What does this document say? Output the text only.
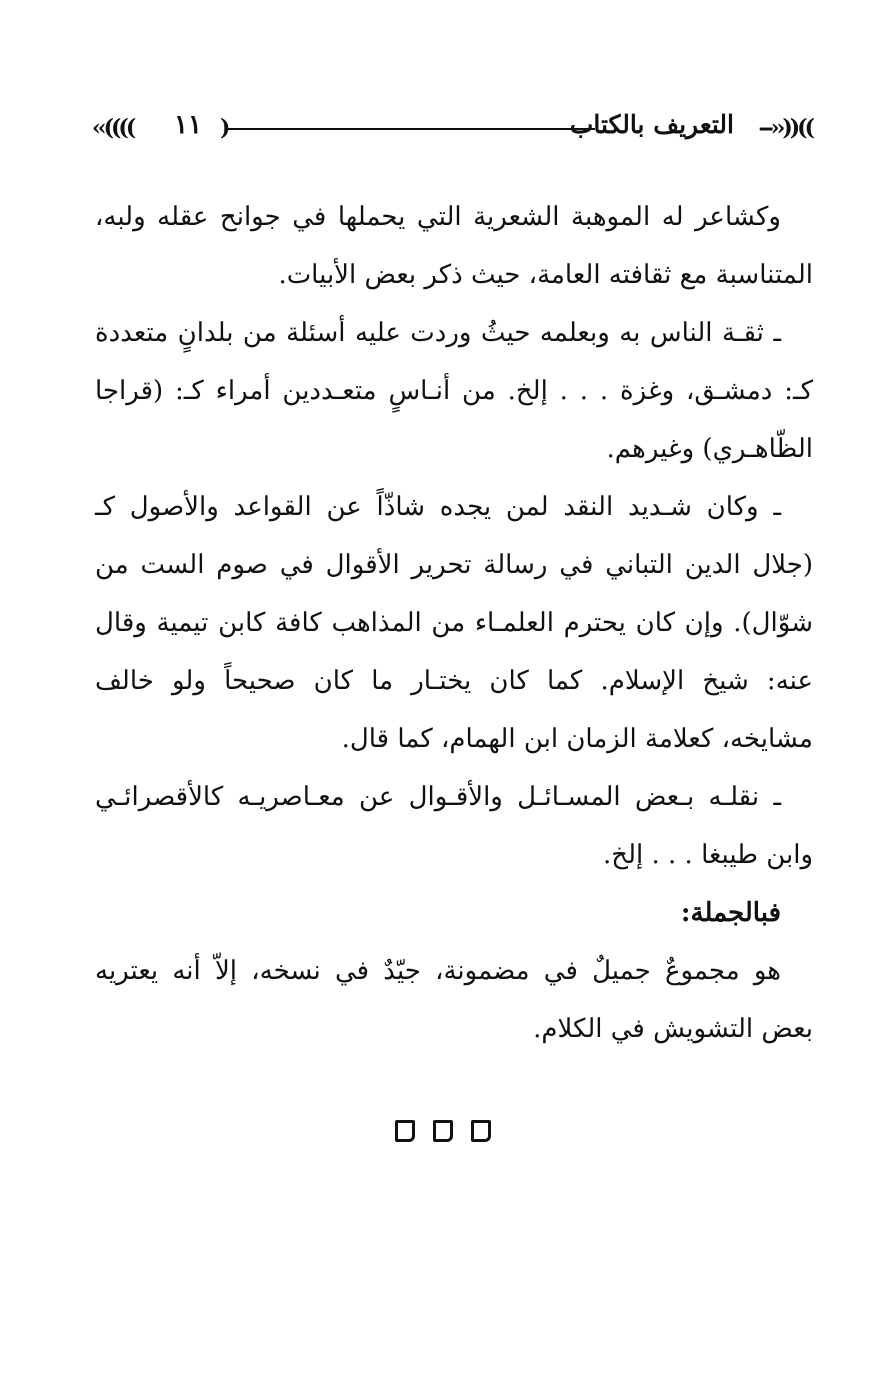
--››))((
التعريف بالكتاب
)
١١
‹‹((((

وكشاعر له الموهبة الشعرية التي يحملها في جوانح عقله ولبه، المتناسبة مع ثقافته العامة، حيث ذكر بعض الأبيات.

ـ ثقـة الناس به وبعلمه حيثُ وردت عليه أسئلة من بلدانٍ متعددة كـ: دمشـق، وغزة . . . إلخ. من أنـاسٍ متعـددين أمراء كـ: (قراجا الظّاهـري) وغيرهم.

ـ وكان شـديد النقد لمن يجده شاذّاً عن القواعد والأصول كـ (جلال الدين التباني في رسالة تحرير الأقوال في صوم الست من شوّال). وإن كان يحترم العلمـاء من المذاهب كافة كابن تيمية وقال عنه: شيخ الإسلام. كما كان يختـار ما كان صحيحاً ولو خالف مشايخه، كعلامة الزمان ابن الهمام، كما قال.

ـ نقلـه بـعض المسـائـل والأقـوال عن معـاصريـه كالأقصرائـي وابن طيبغا . . . إلخ.

فبالجملة:

هو مجموعٌ جميلٌ في مضمونة، جيّدٌ في نسخه، إلاّ أنه يعتريه بعض التشويش في الكلام.
